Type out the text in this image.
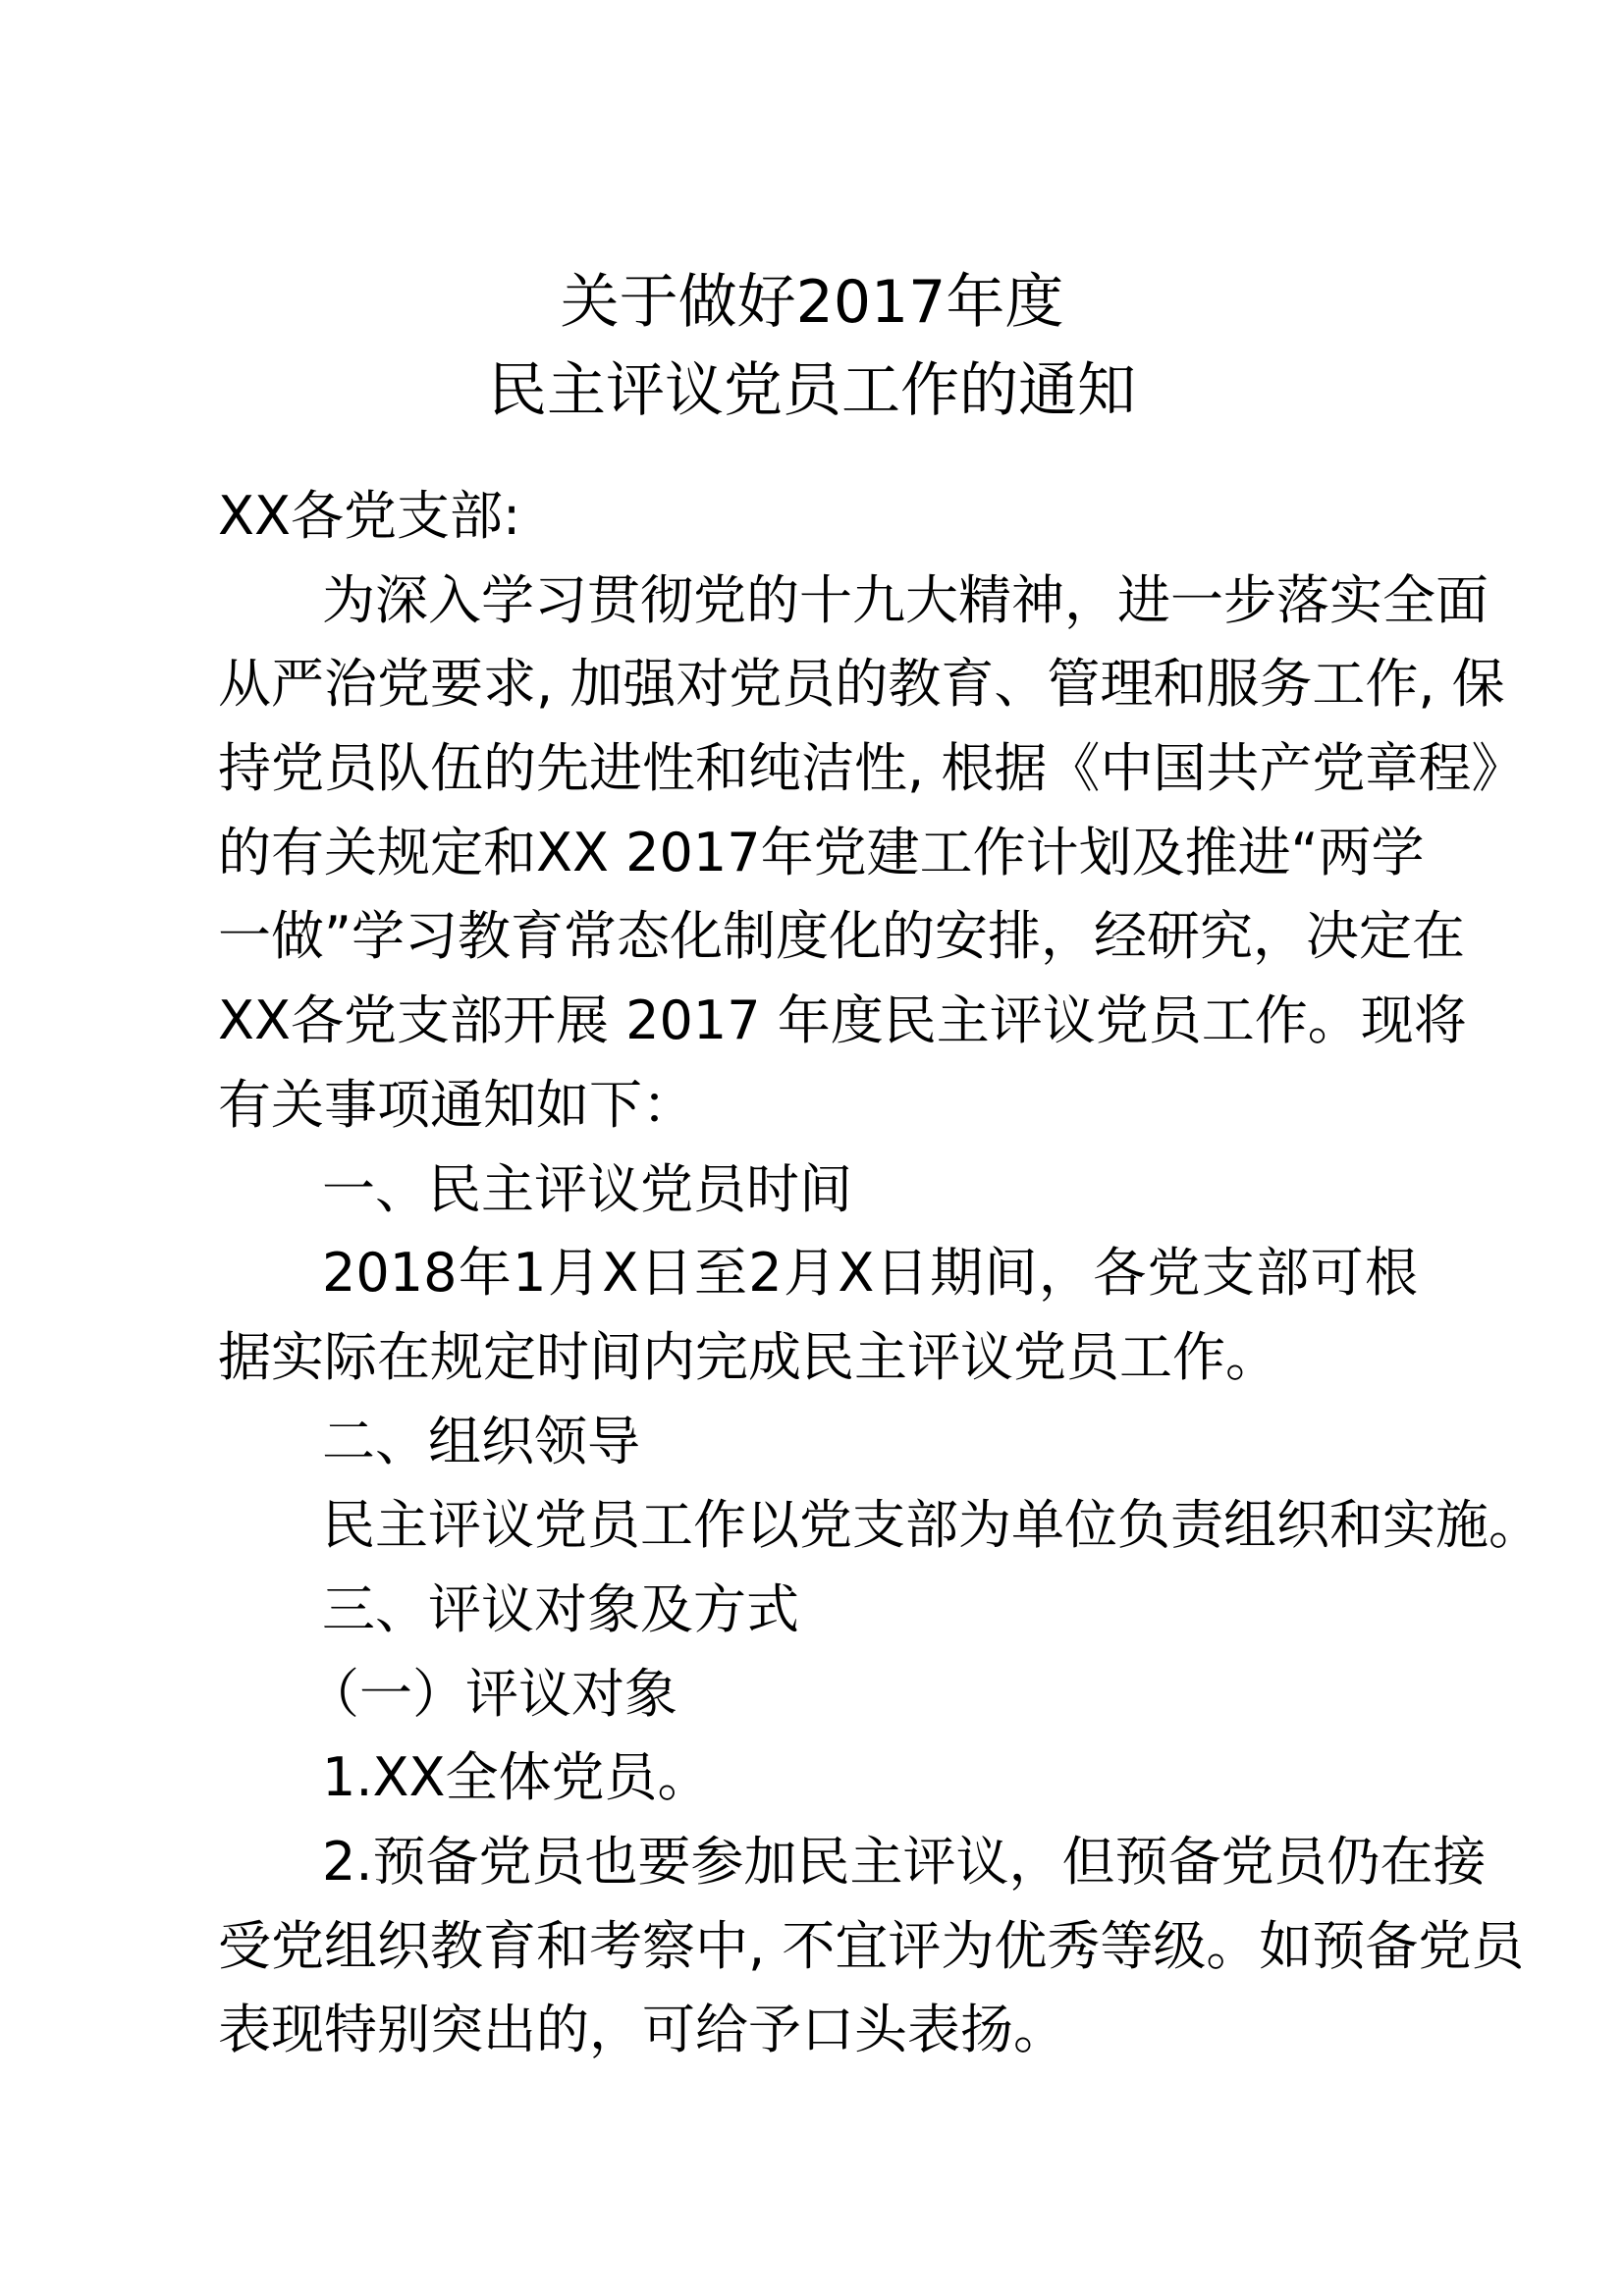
关于做好2017年度
民主评议党员工作的通知
XX各党支部:
为深入学习贯彻党的十九大精神，进一步落实全面
从严治党要求, 加强对党员的教育、管理和服务工作, 保
持党员队伍的先进性和纯洁性, 根据《中国共产党章程》
的有关规定和XX 2017年党建工作计划及推进“两学
一做”学习教育常态化制度化的安排，经研究，决定在
XX各党支部开展 2017 年度民主评议党员工作。现将
有关事项通知如下：
一、民主评议党员时间
2018年1月X日至2月X日期间，各党支部可根
据实际在规定时间内完成民主评议党员工作。
二、组织领导
民主评议党员工作以党支部为单位负责组织和实施。
三、评议对象及方式
（一）评议对象
1.XX全体党员。
2.预备党员也要参加民主评议，但预备党员仍在接
受党组织教育和考察中, 不宜评为优秀等级。如预备党员
表现特别突出的，可给予口头表扬。
